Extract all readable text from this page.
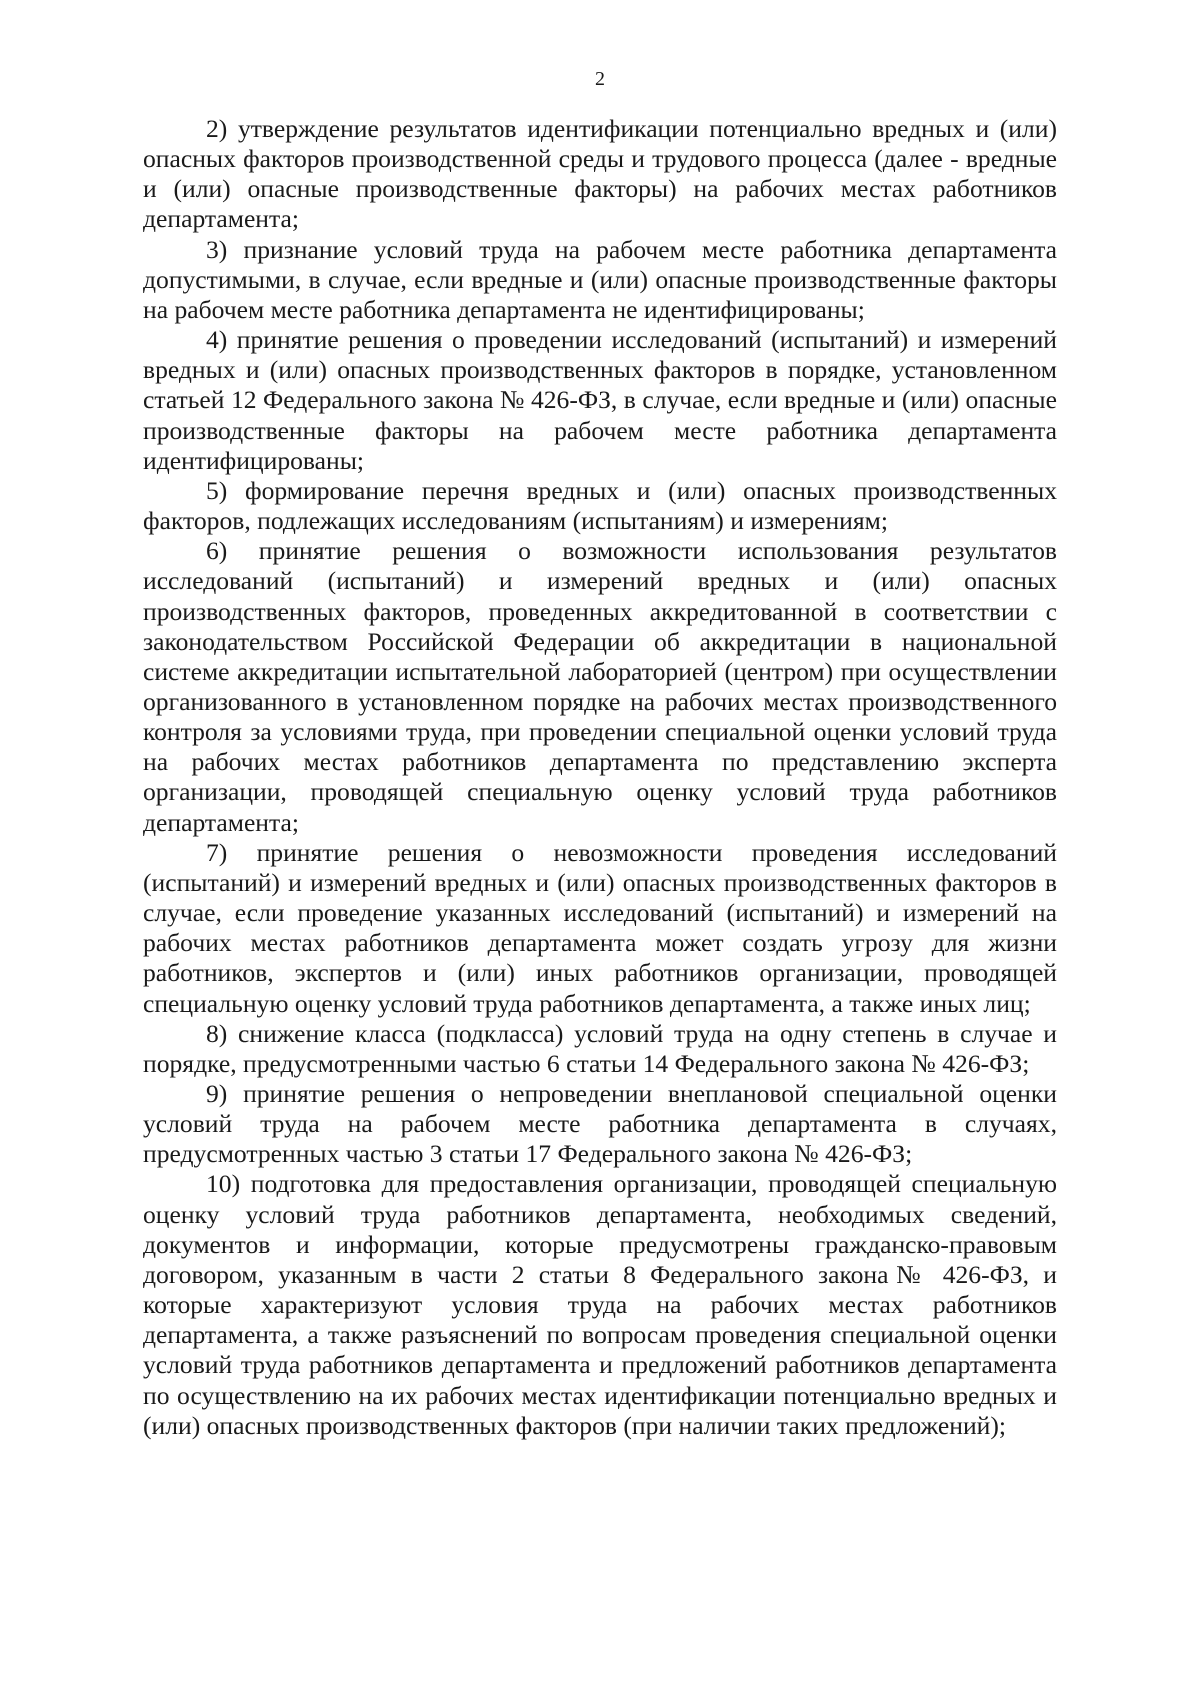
2

2) утверждение результатов идентификации потенциально вредных и (или) опасных факторов производственной среды и трудового процесса (далее - вредные и (или) опасные производственные факторы) на рабочих местах работников департамента;

3) признание условий труда на рабочем месте работника департамента допустимыми, в случае, если вредные и (или) опасные производственные факторы на рабочем месте работника департамента не идентифицированы;

4) принятие решения о проведении исследований (испытаний) и измерений вредных и (или) опасных производственных факторов в порядке, установленном статьей 12 Федерального закона № 426-ФЗ, в случае, если вредные и (или) опасные производственные факторы на рабочем месте работника департамента идентифицированы;

5) формирование перечня вредных и (или) опасных производственных факторов, подлежащих исследованиям (испытаниям) и измерениям;

6) принятие решения о возможности использования результатов исследований (испытаний) и измерений вредных и (или) опасных производственных факторов, проведенных аккредитованной в соответствии с законодательством Российской Федерации об аккредитации в национальной системе аккредитации испытательной лабораторией (центром) при осуществлении организованного в установленном порядке на рабочих местах производственного контроля за условиями труда, при проведении специальной оценки условий труда на рабочих местах работников департамента по представлению эксперта организации, проводящей специальную оценку условий труда работников департамента;

7) принятие решения о невозможности проведения исследований (испытаний) и измерений вредных и (или) опасных производственных факторов в случае, если проведение указанных исследований (испытаний) и измерений на рабочих местах работников департамента может создать угрозу для жизни работников, экспертов и (или) иных работников организации, проводящей специальную оценку условий труда работников департамента, а также иных лиц;

8) снижение класса (подкласса) условий труда на одну степень в случае и порядке, предусмотренными частью 6 статьи 14 Федерального закона № 426-ФЗ;

9) принятие решения о непроведении внеплановой специальной оценки условий труда на рабочем месте работника департамента в случаях, предусмотренных частью 3 статьи 17 Федерального закона № 426-ФЗ;

10) подготовка для предоставления организации, проводящей специальную оценку условий труда работников департамента, необходимых сведений, документов и информации, которые предусмотрены гражданско-правовым договором, указанным в части 2 статьи 8 Федерального закона№ 426-ФЗ, и которые характеризуют условия труда на рабочих местах работников департамента, а также разъяснений по вопросам проведения специальной оценки условий труда работников департамента и предложений работников департамента по осуществлению на их рабочих местах идентификации потенциально вредных и (или) опасных производственных факторов (при наличии таких предложений);
